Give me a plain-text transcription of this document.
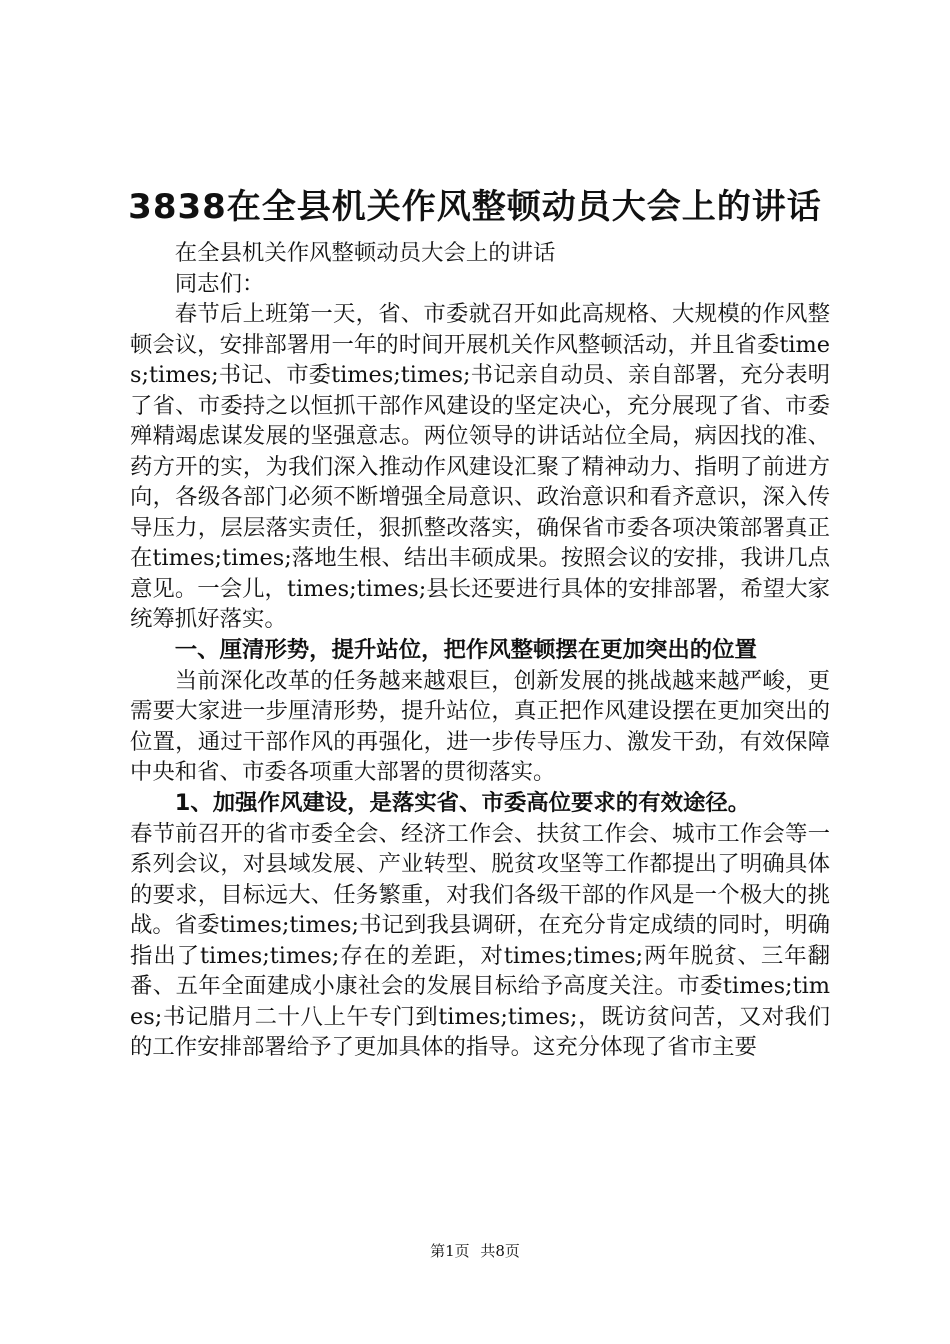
3838在全县机关作风整顿动员大会上的讲话

在全县机关作风整顿动员大会上的讲话

同志们：

春节后上班第一天，省、市委就召开如此高规格、大规模的作风整顿会议，安排部署用一年的时间开展机关作风整顿活动，并且省委times;times;书记、市委times;times;书记亲自动员、亲自部署，充分表明了省、市委持之以恒抓干部作风建设的坚定决心，充分展现了省、市委殚精竭虑谋发展的坚强意志。两位领导的讲话站位全局，病因找的准、药方开的实，为我们深入推动作风建设汇聚了精神动力、指明了前进方向，各级各部门必须不断增强全局意识、政治意识和看齐意识，深入传导压力，层层落实责任，狠抓整改落实，确保省市委各项决策部署真正在times;times;落地生根、结出丰硕成果。按照会议的安排，我讲几点意见。一会儿，times;times;县长还要进行具体的安排部署，希望大家统筹抓好落实。

一、厘清形势，提升站位，把作风整顿摆在更加突出的位置

当前深化改革的任务越来越艰巨，创新发展的挑战越来越严峻，更需要大家进一步厘清形势，提升站位，真正把作风建设摆在更加突出的位置，通过干部作风的再强化，进一步传导压力、激发干劲，有效保障中央和省、市委各项重大部署的贯彻落实。

1、加强作风建设，是落实省、市委高位要求的有效途径。

春节前召开的省市委全会、经济工作会、扶贫工作会、城市工作会等一系列会议，对县域发展、产业转型、脱贫攻坚等工作都提出了明确具体的要求，目标远大、任务繁重，对我们各级干部的作风是一个极大的挑战。省委times;times;书记到我县调研，在充分肯定成绩的同时，明确指出了times;times;存在的差距，对times;times;两年脱贫、三年翻番、五年全面建成小康社会的发展目标给予高度关注。市委times;times;书记腊月二十八上午专门到times;times;，既访贫问苦，又对我们的工作安排部署给予了更加具体的指导。这充分体现了省市主要

第1页 共8页
